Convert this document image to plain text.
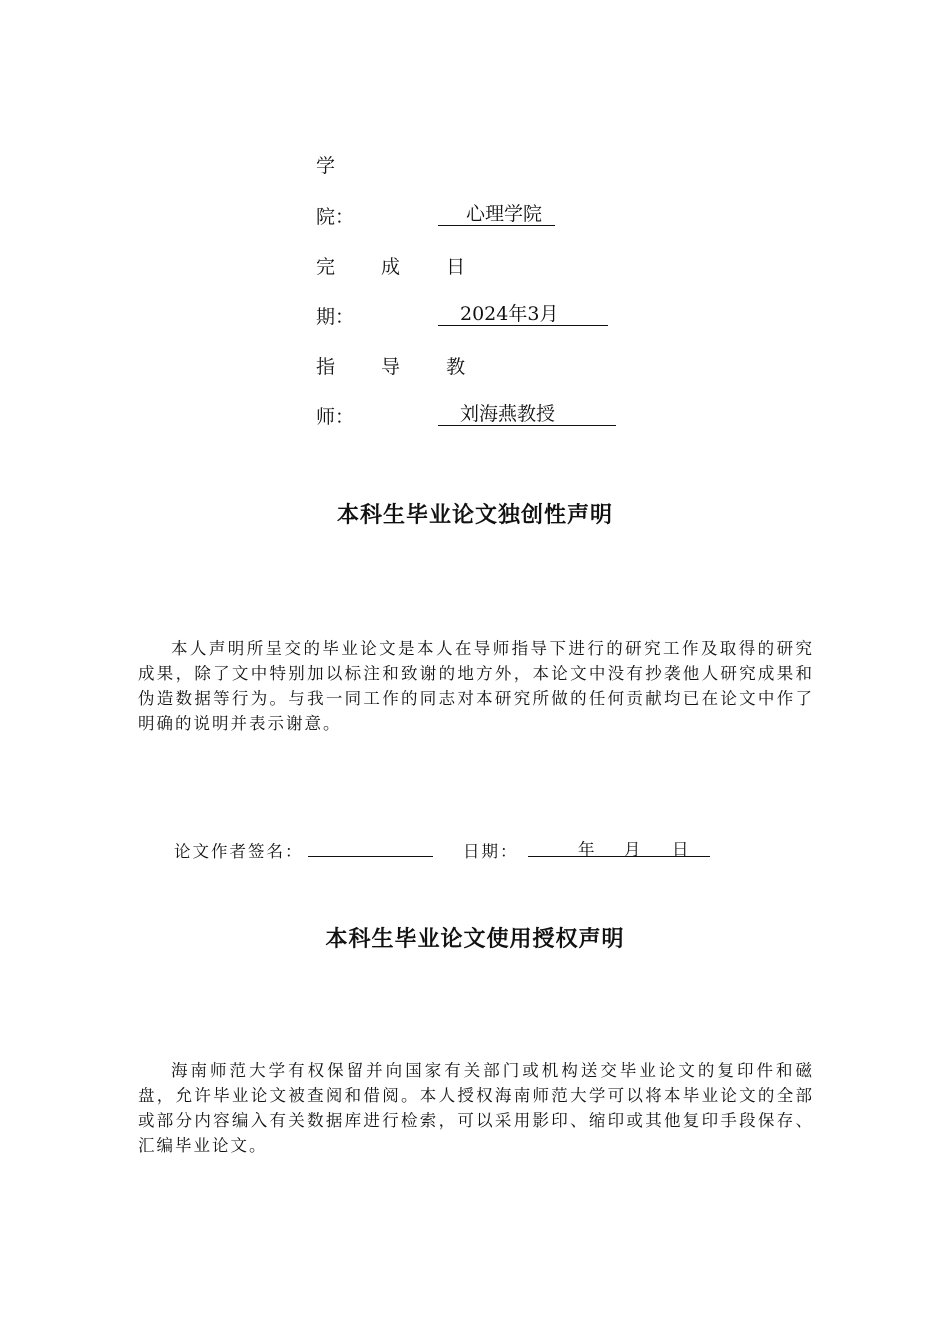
学
院：	心理学院
完 成 日
期：	2024年3月
指 导 教
师：	刘海燕教授
本科生毕业论文独创性声明
本人声明所呈交的毕业论文是本人在导师指导下进行的研究工作及取得的研究成果，除了文中特别加以标注和致谢的地方外，本论文中没有抄袭他人研究成果和伪造数据等行为。与我一同工作的同志对本研究所做的任何贡献均已在论文中作了明确的说明并表示谢意。
论文作者签名：	日期：	年 月 日
本科生毕业论文使用授权声明
海南师范大学有权保留并向国家有关部门或机构送交毕业论文的复印件和磁盘，允许毕业论文被查阅和借阅。本人授权海南师范大学可以将本毕业论文的全部或部分内容编入有关数据库进行检索，可以采用影印、缩印或其他复印手段保存、汇编毕业论文。
